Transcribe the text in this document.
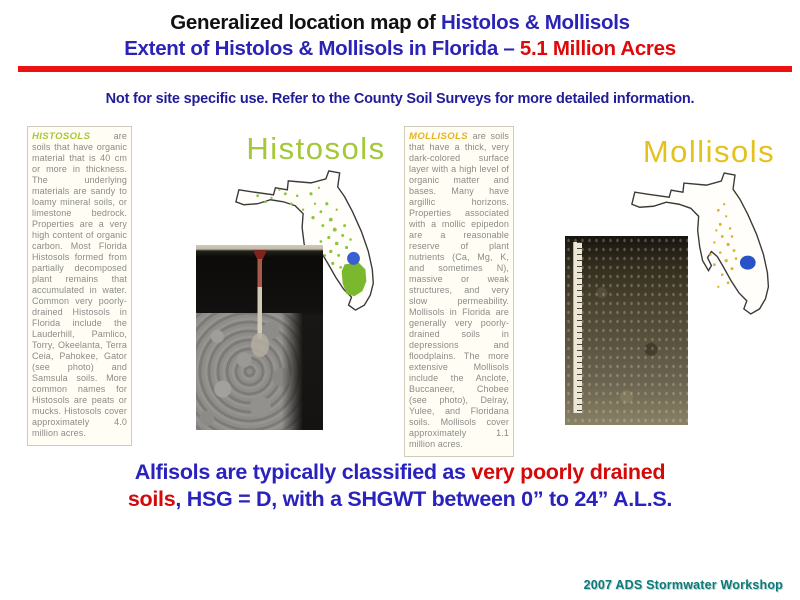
Generalized location map of Histolos & Mollisols
Extent of Histolos & Mollisols in Florida – 5.1 Million Acres
Not for site specific use. Refer to the County Soil Surveys for more detailed information.
HISTOSOLS are soils that have organic material that is 40 cm or more in thickness. The underlying materials are sandy to loamy mineral soils, or limestone bedrock. Properties are a very high content of organic carbon. Most Florida Histosols formed from partially decomposed plant remains that accumulated in water. Common very poorly-drained Histosols in Florida include the Lauderhill, Pamlico, Torry, Okeelanta, Terra Ceia, Pahokee, Gator (see photo) and Samsula soils. More common names for Histosols are peats or mucks. Histosols cover approximately 4.0 million acres.
Histosols	MOLLISOLS are soils that have a thick, very dark-colored surface layer with a high level of organic matter and bases. Many have argillic horizons. Properties associated with a mollic epipedon are a reasonable reserve of plant nutrients (Ca, Mg, K, and sometimes N), massive or weak structures, and very slow permeability. Mollisols in Florida are generally very poorly-drained soils in depressions and floodplains. The more extensive Mollisols include the Anclote, Buccaneer, Chobee (see photo), Delray, Yulee, and Floridana soils. Mollisols cover approximately 1.1 million acres.
Mollisols
Alfisols are typically classified as very poorly drained
soils, HSG = D, with a SHGWT between 0” to 24” A.L.S.
2007 ADS Stormwater Workshop
